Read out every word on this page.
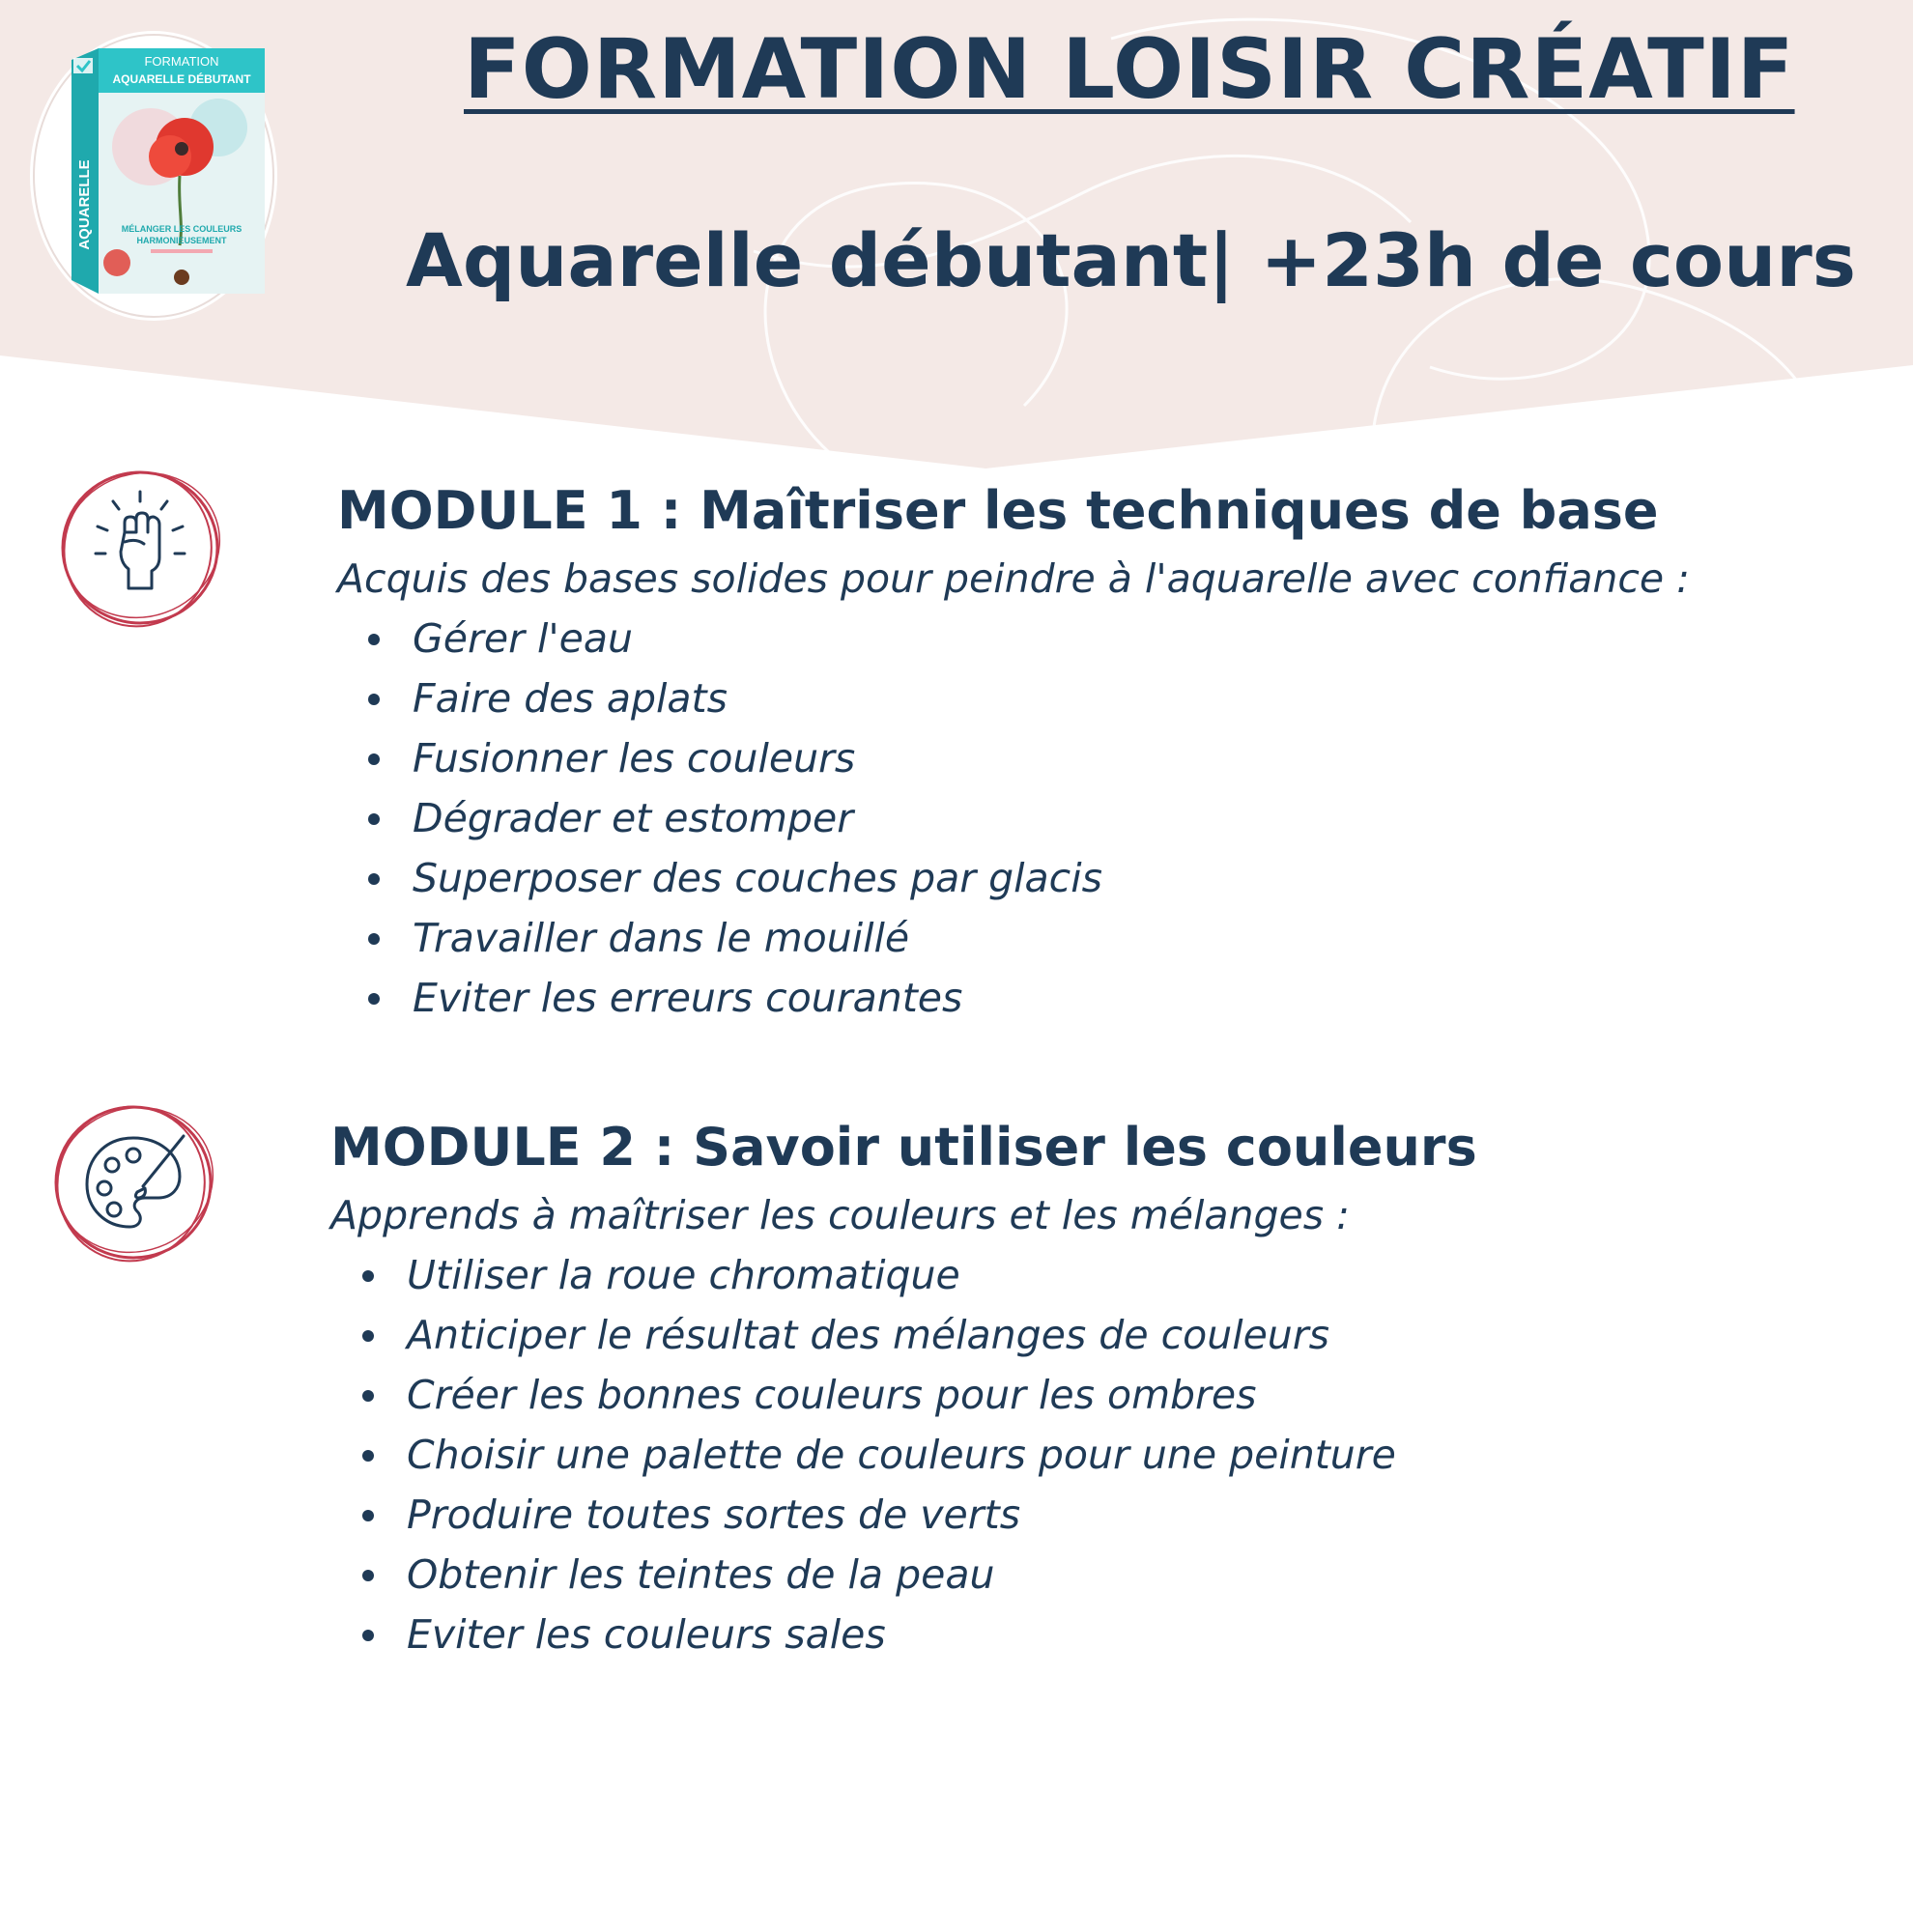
FORMATION
AQUARELLE DÉBUTANT
MÉLANGER LES COULEURS
HARMONIEUSEMENT
AQUARELLE
FORMATION LOISIR CRÉATIF
Aquarelle débutant| +23h de cours
MODULE 1 : Maîtriser les techniques de base

Acquis des bases solides pour peindre à l'aquarelle avec confiance :

Gérer l'eau
Faire des aplats
Fusionner les couleurs
Dégrader et estomper
Superposer des couches par glacis
Travailler dans le mouillé
Eviter les erreurs courantes
MODULE 2 : Savoir utiliser les couleurs

Apprends à maîtriser les couleurs et les mélanges :

Utiliser la roue chromatique
Anticiper le résultat des mélanges de couleurs
Créer les bonnes couleurs pour les ombres
Choisir une palette de couleurs pour une peinture
Produire toutes sortes de verts
Obtenir les teintes de la peau
Eviter les couleurs sales
